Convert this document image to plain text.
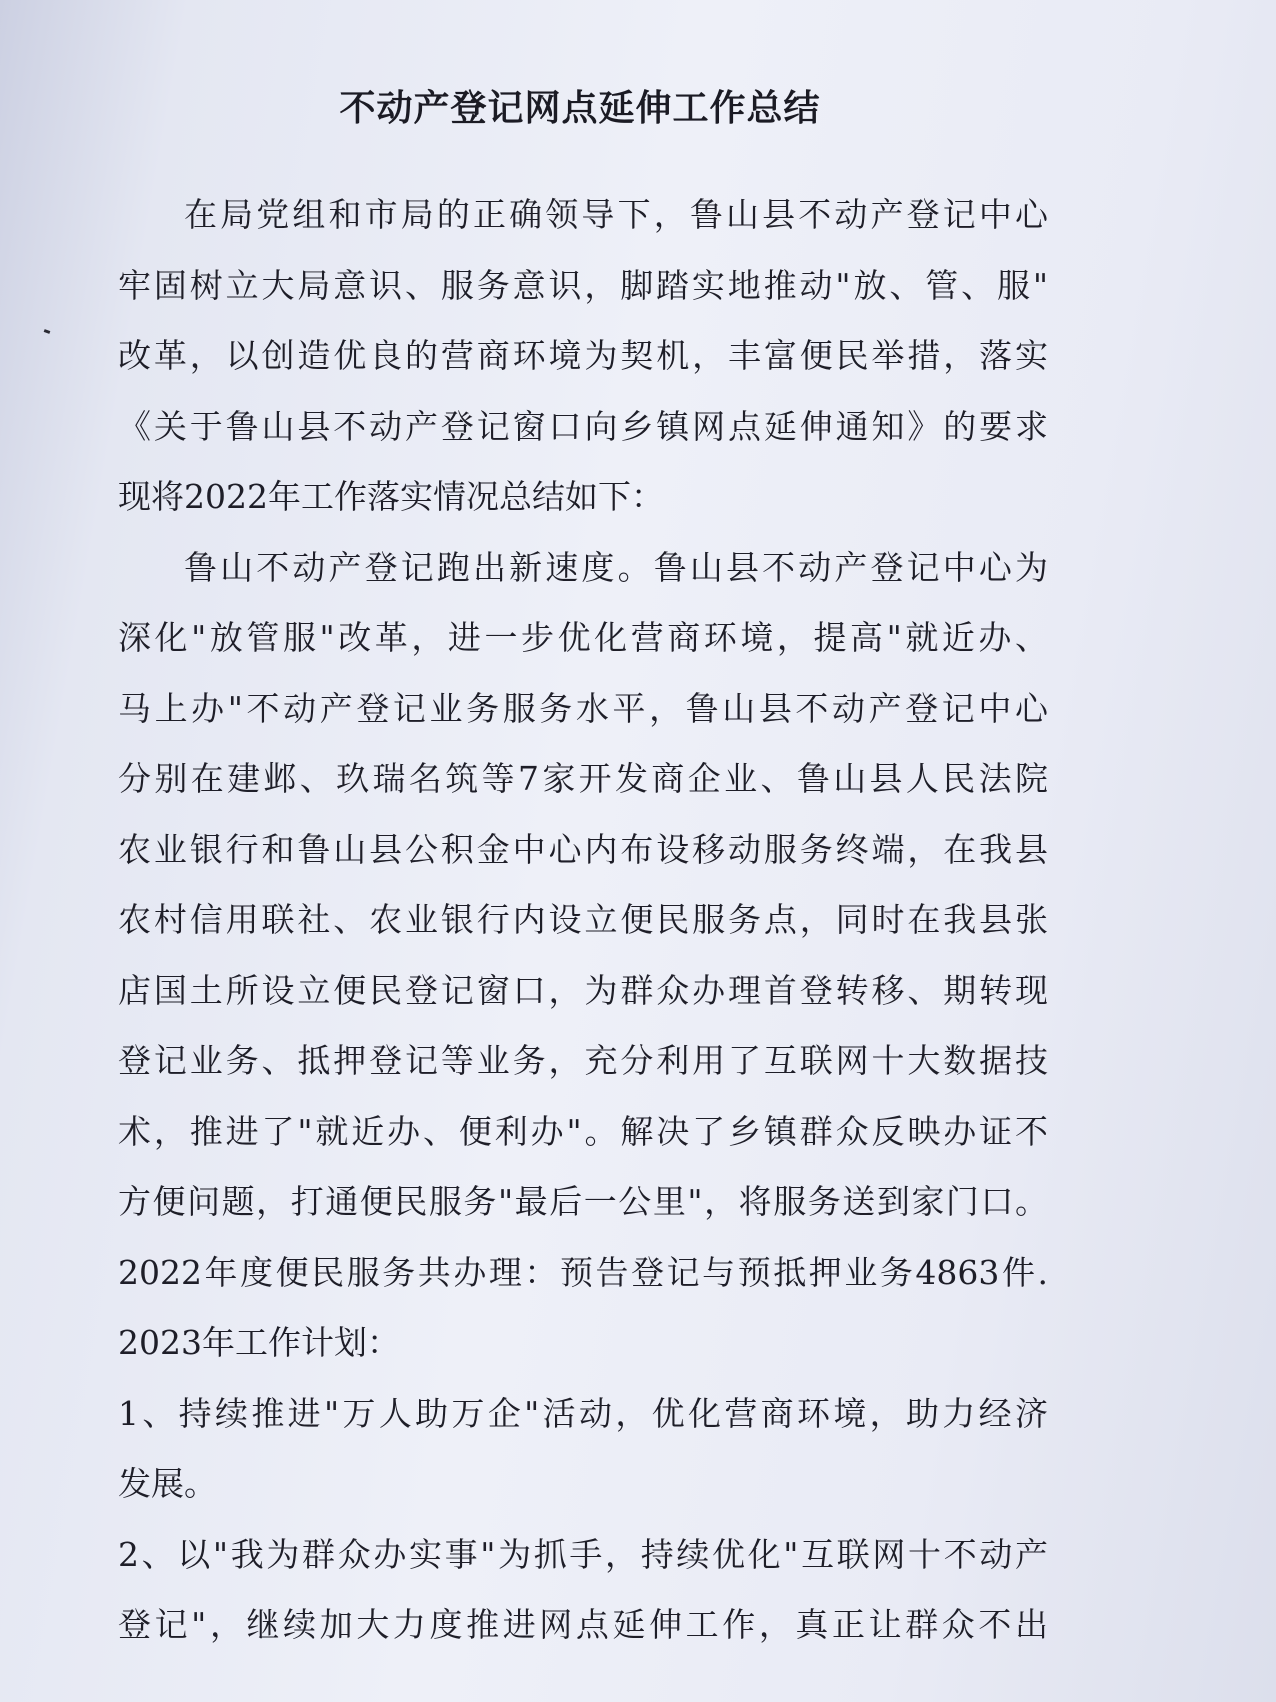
不动产登记网点延伸工作总结
在局党组和市局的正确领导下，鲁山县不动产登记中心
牢固树立大局意识、服务意识，脚踏实地推动"放、管、服"
改革，以创造优良的营商环境为契机，丰富便民举措，落实
《关于鲁山县不动产登记窗口向乡镇网点延伸通知》的要求
现将2022年工作落实情况总结如下：
鲁山不动产登记跑出新速度。鲁山县不动产登记中心为
深化"放管服"改革，进一步优化营商环境，提高"就近办、
马上办"不动产登记业务服务水平，鲁山县不动产登记中心
分别在建邺、玖瑞名筑等7家开发商企业、鲁山县人民法院
农业银行和鲁山县公积金中心内布设移动服务终端，在我县
农村信用联社、农业银行内设立便民服务点，同时在我县张
店国土所设立便民登记窗口，为群众办理首登转移、期转现
登记业务、抵押登记等业务，充分利用了互联网十大数据技
术，推进了"就近办、便利办"。解决了乡镇群众反映办证不
方便问题，打通便民服务"最后一公里"，将服务送到家门口。
2022年度便民服务共办理：预告登记与预抵押业务4863件.
2023年工作计划：
1、持续推进"万人助万企"活动，优化营商环境，助力经济
发展。
2、以"我为群众办实事"为抓手，持续优化"互联网十不动产
登记"，继续加大力度推进网点延伸工作，真正让群众不出
